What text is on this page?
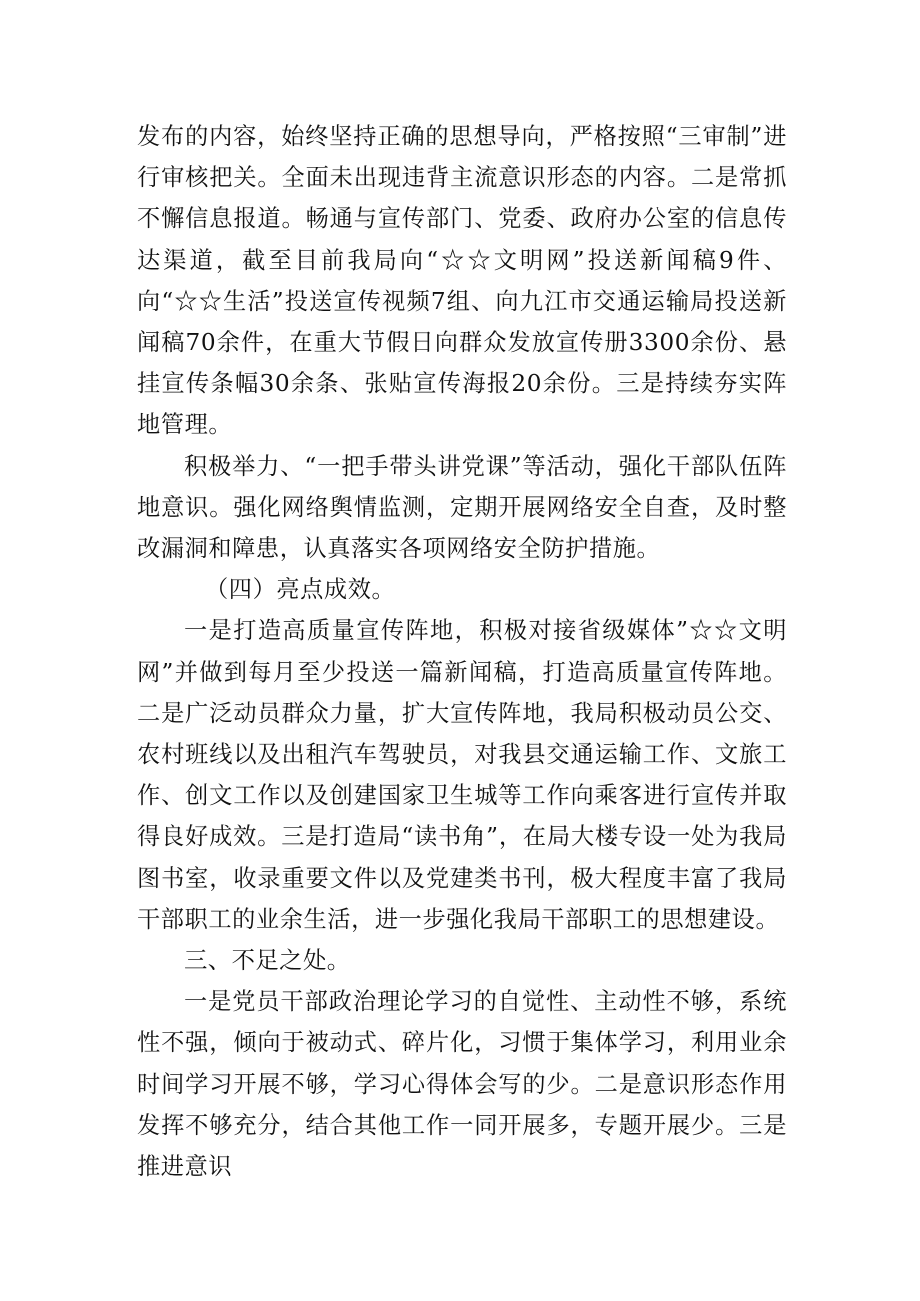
发布的内容，始终坚持正确的思想导向，严格按照“三审制”进行审核把关。全面未出现违背主流意识形态的内容。二是常抓不懈信息报道。畅通与宣传部门、党委、政府办公室的信息传达渠道，截至目前我局向“☆☆文明网”投送新闻稿9件、向“☆☆生活”投送宣传视频7组、向九江市交通运输局投送新闻稿70余件，在重大节假日向群众发放宣传册3300余份、悬挂宣传条幅30余条、张贴宣传海报20余份。三是持续夯实阵地管理。

积极举力、“一把手带头讲党课”等活动，强化干部队伍阵地意识。强化网络舆情监测，定期开展网络安全自查，及时整改漏洞和障患，认真落实各项网络安全防护措施。

（四）亮点成效。

一是打造高质量宣传阵地，积极对接省级媒体”☆☆文明网”并做到每月至少投送一篇新闻稿，打造高质量宣传阵地。二是广泛动员群众力量，扩大宣传阵地，我局积极动员公交、农村班线以及出租汽车驾驶员，对我县交通运输工作、文旅工作、创文工作以及创建国家卫生城等工作向乘客进行宣传并取得良好成效。三是打造局“读书角”，在局大楼专设一处为我局图书室，收录重要文件以及党建类书刊，极大程度丰富了我局干部职工的业余生活，进一步强化我局干部职工的思想建设。

三、不足之处。

一是党员干部政治理论学习的自觉性、主动性不够，系统性不强，倾向于被动式、碎片化，习惯于集体学习，利用业余时间学习开展不够，学习心得体会写的少。二是意识形态作用发挥不够充分，结合其他工作一同开展多，专题开展少。三是推进意识
